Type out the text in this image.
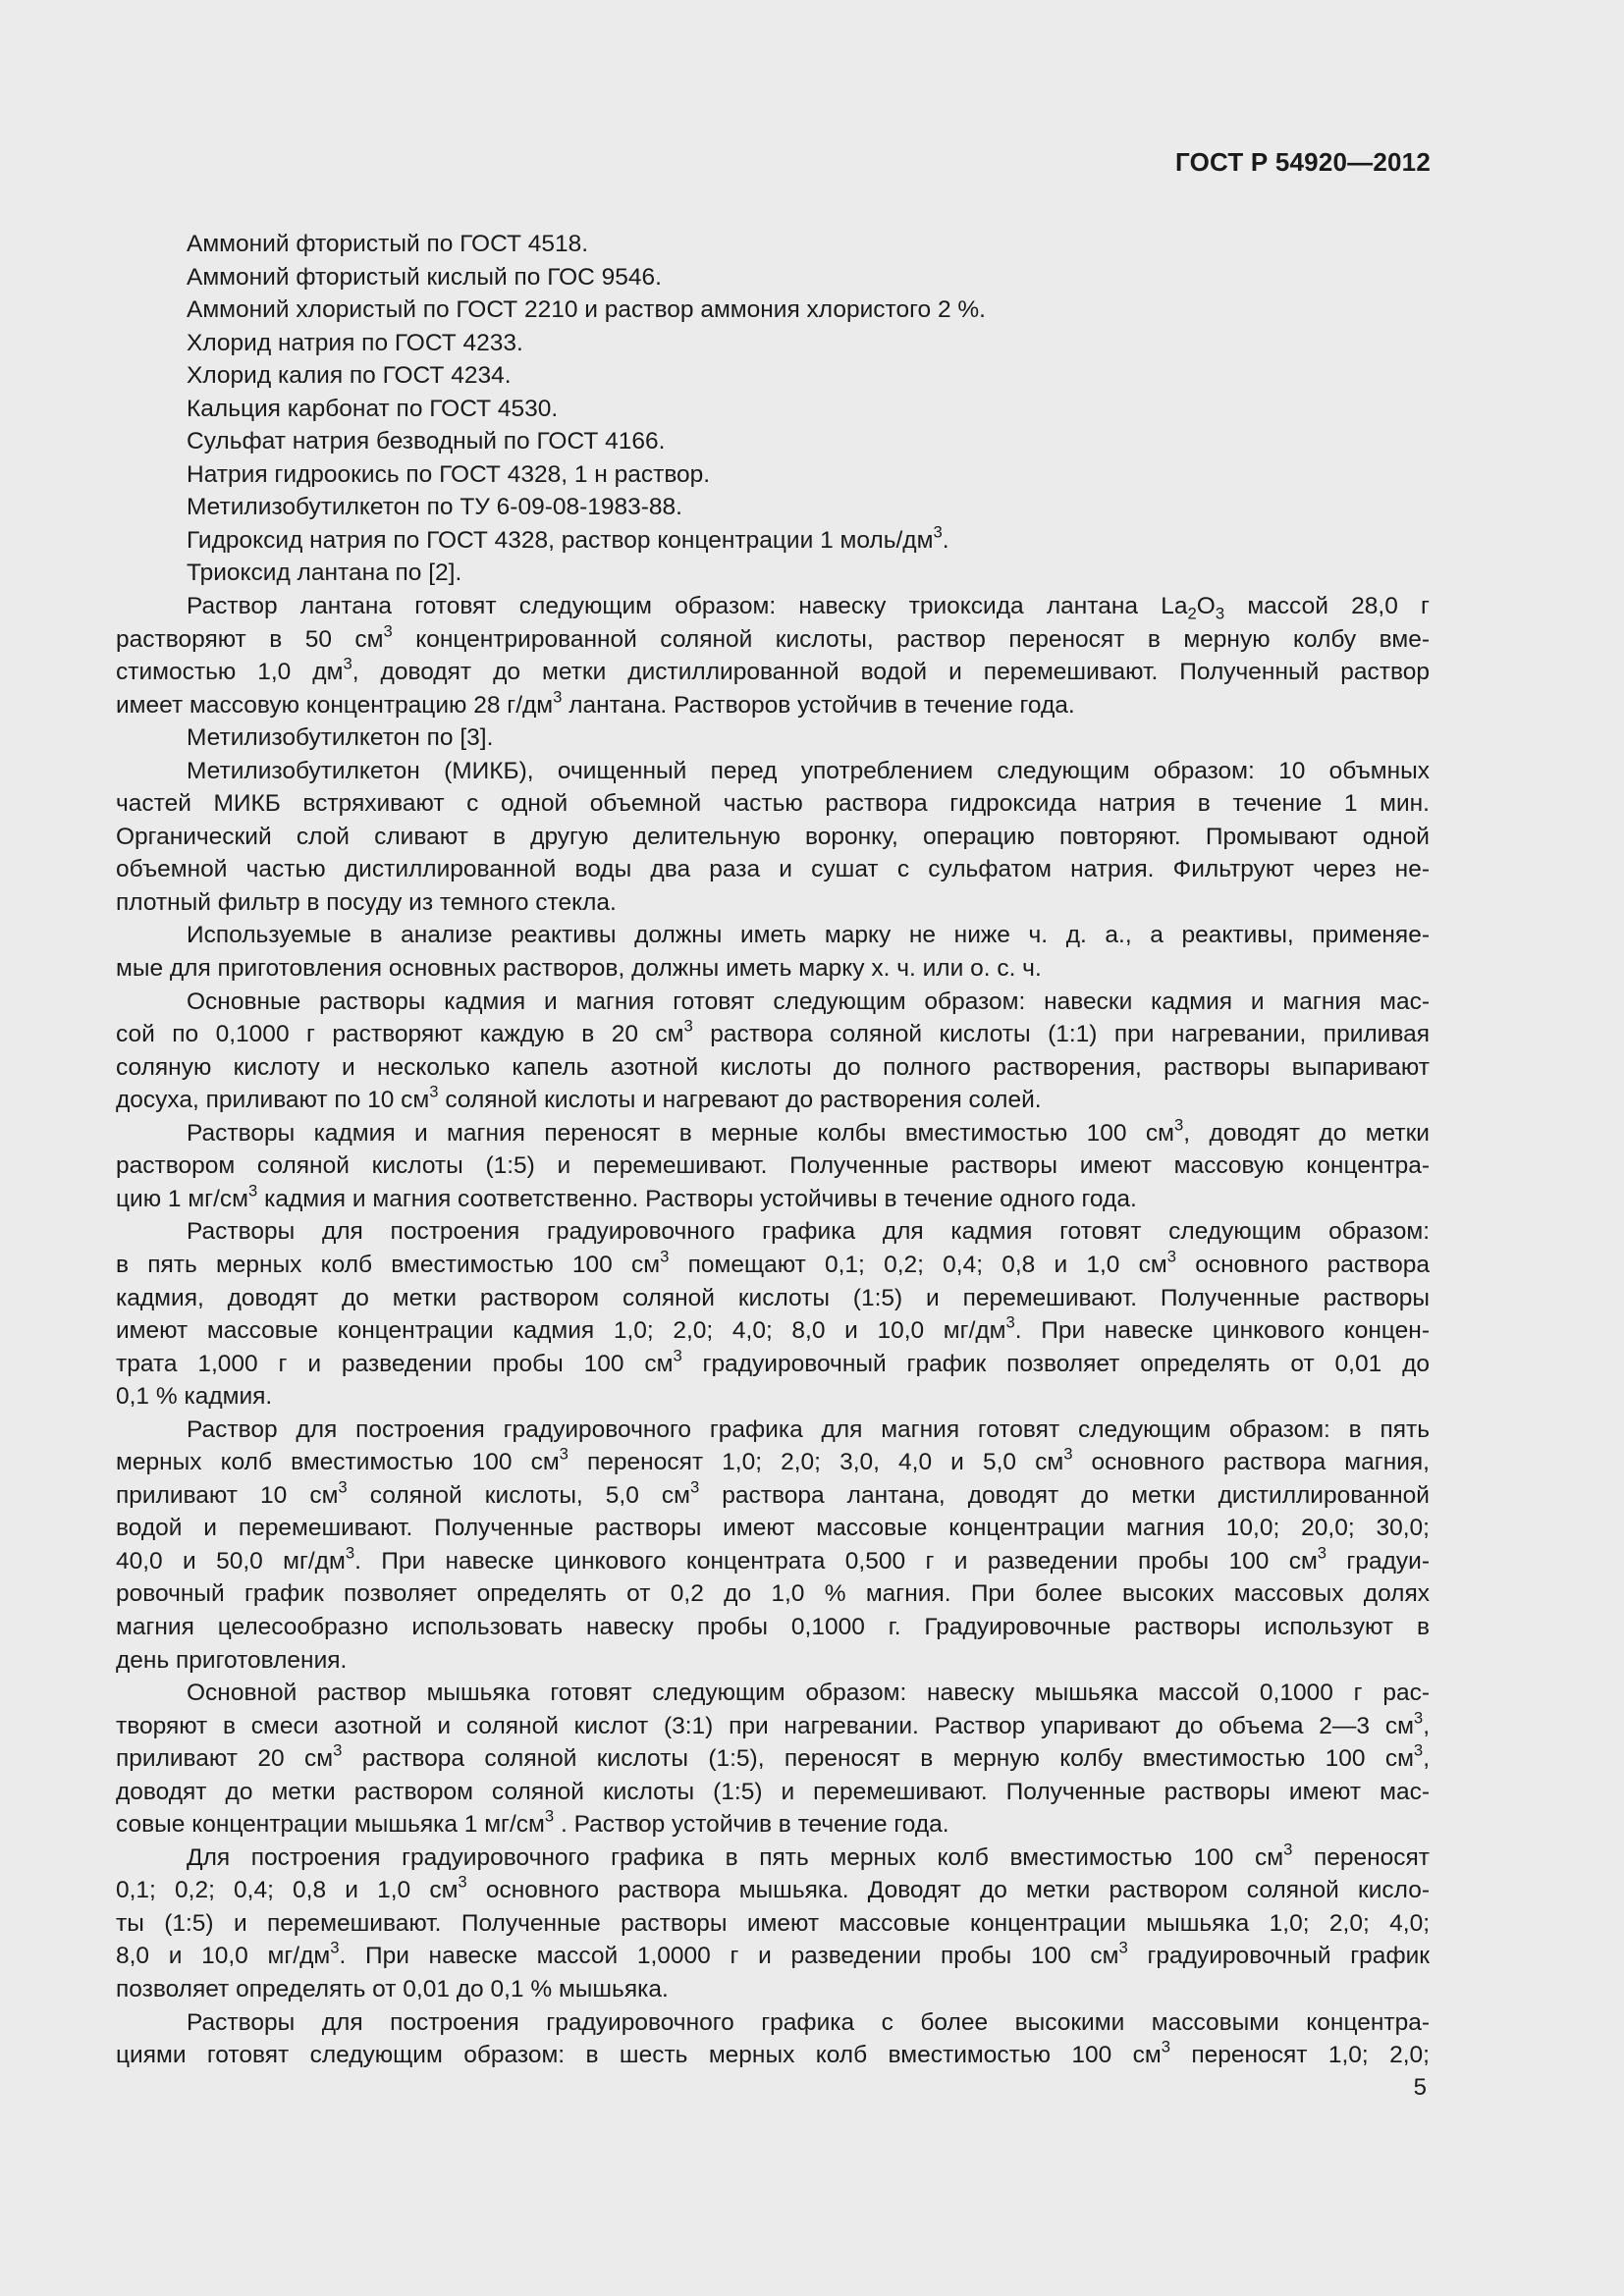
ГОСТ Р 54920—2012
Аммоний фтористый по ГОСТ 4518.
Аммоний фтористый кислый по ГОС 9546.
Аммоний хлористый по ГОСТ 2210 и раствор аммония хлористого 2 %.
Хлорид натрия по ГОСТ 4233.
Хлорид калия по ГОСТ 4234.
Кальция карбонат по ГОСТ 4530.
Сульфат натрия безводный по ГОСТ 4166.
Натрия гидроокись по ГОСТ 4328, 1 н раствор.
Метилизобутилкетон по ТУ 6-09-08-1983-88.
Гидроксид натрия по ГОСТ 4328, раствор концентрации 1 моль/$дм^3$.
Триоксид лантана по [2].
Раствор лантана готовят следующим образом: навеску триоксида лантана $La_2O_3$ массой 28,0 г
растворяют в 50 $см^3$ концентрированной соляной кислоты, раствор переносят в мерную колбу вме-
стимостью 1,0 $дм^3$, доводят до метки дистиллированной водой и перемешивают. Полученный раствор
имеет массовую концентрацию 28 $г/дм^3$ лантана. Растворов устойчив в течение года.
Метилизобутилкетон по [3].
Метилизобутилкетон (МИКБ), очищенный перед употреблением следующим образом: 10 объмных
частей МИКБ встряхивают с одной объемной частью раствора гидроксида натрия в течение 1 мин.
Органический слой сливают в другую делительную воронку, операцию повторяют. Промывают одной
объемной частью дистиллированной воды два раза и сушат с сульфатом натрия. Фильтруют через не-
плотный фильтр в посуду из темного стекла.
Используемые в анализе реактивы должны иметь марку не ниже ч. д. а., а реактивы, применяе-
мые для приготовления основных растворов, должны иметь марку х. ч. или о. с. ч.
Основные растворы кадмия и магния готовят следующим образом: навески кадмия и магния мас-
сой по 0,1000 г растворяют каждую в 20 $см^3$ раствора соляной кислоты (1:1) при нагревании, приливая
соляную кислоту и несколько капель азотной кислоты до полного растворения, растворы выпаривают
досуха, приливают по 10 $см^3$ соляной кислоты и нагревают до растворения солей.
Растворы кадмия и магния переносят в мерные колбы вместимостью 100 $см^3$, доводят до метки
раствором соляной кислоты (1:5) и перемешивают. Полученные растворы имеют массовую концентра-
цию 1 $мг/см^3$ кадмия и магния соответственно. Растворы устойчивы в течение одного года.
Растворы для построения градуировочного графика для кадмия готовят следующим образом:
в пять мерных колб вместимостью 100 $см^3$ помещают 0,1; 0,2; 0,4; 0,8 и 1,0 $см^3$ основного раствора
кадмия, доводят до метки раствором соляной кислоты (1:5) и перемешивают. Полученные растворы
имеют массовые концентрации кадмия 1,0; 2,0; 4,0; 8,0 и 10,0 $мг/дм^3$. При навеске цинкового концен-
трата 1,000 г и разведении пробы 100 $см^3$ градуировочный график позволяет определять от 0,01 до
0,1 % кадмия.
Раствор для построения градуировочного графика для магния готовят следующим образом: в пять
мерных колб вместимостью 100 $см^3$ переносят 1,0; 2,0; 3,0, 4,0 и 5,0 $см^3$ основного раствора магния,
приливают 10 $см^3$ соляной кислоты, 5,0 $см^3$ раствора лантана, доводят до метки дистиллированной
водой и перемешивают. Полученные растворы имеют массовые концентрации магния 10,0; 20,0; 30,0;
40,0 и 50,0 $мг/дм^3$. При навеске цинкового концентрата 0,500 г и разведении пробы 100 $см^3$ градуи-
ровочный график позволяет определять от 0,2 до 1,0 % магния. При более высоких массовых долях
магния целесообразно использовать навеску пробы 0,1000 г. Градуировочные растворы используют в
день приготовления.
Основной раствор мышьяка готовят следующим образом: навеску мышьяка массой 0,1000 г рас-
творяют в смеси азотной и соляной кислот (3:1) при нагревании. Раствор упаривают до объема 2—3 $см^3$,
приливают 20 $см^3$ раствора соляной кислоты (1:5), переносят в мерную колбу вместимостью 100 $см^3$,
доводят до метки раствором соляной кислоты (1:5) и перемешивают. Полученные растворы имеют мас-
совые концентрации мышьяка 1 $мг/см^3$ . Раствор устойчив в течение года.
Для построения градуировочного графика в пять мерных колб вместимостью 100 $см^3$ переносят
0,1; 0,2; 0,4; 0,8 и 1,0 $см^3$ основного раствора мышьяка. Доводят до метки раствором соляной кисло-
ты (1:5) и перемешивают. Полученные растворы имеют массовые концентрации мышьяка 1,0; 2,0; 4,0;
8,0 и 10,0 $мг/дм^3$. При навеске массой 1,0000 г и разведении пробы 100 $см^3$ градуировочный график
позволяет определять от 0,01 до 0,1 % мышьяка.
Растворы для построения градуировочного графика с более высокими массовыми концентра-
циями готовят следующим образом: в шесть мерных колб вместимостью 100 $см^3$ переносят 1,0; 2,0;
5
